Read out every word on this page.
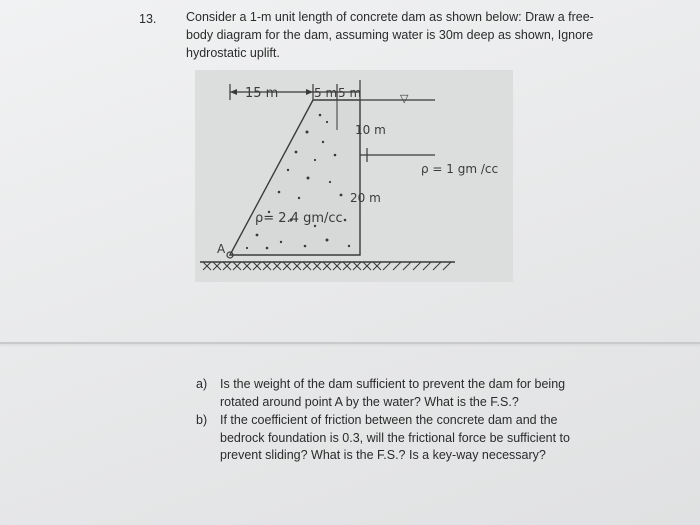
13. Consider a 1-m unit length of concrete dam as shown below: Draw a free-
body diagram for the dam, assuming water is 30m deep as shown, Ignore
hydrostatic uplift.
15 m	5 m 5 m	▽
10 m
20 m
ρ= 2.4 gm/cc
ρ = 1 gm /cc
A
a)	Is the weight of the dam sufficient to prevent the dam for being
rotated around point A by the water? What is the F.S.?
b)	If the coefficient of friction between the concrete dam and the
bedrock foundation is 0.3, will the frictional force be sufficient to
prevent sliding? What is the F.S.? Is a key-way necessary?
